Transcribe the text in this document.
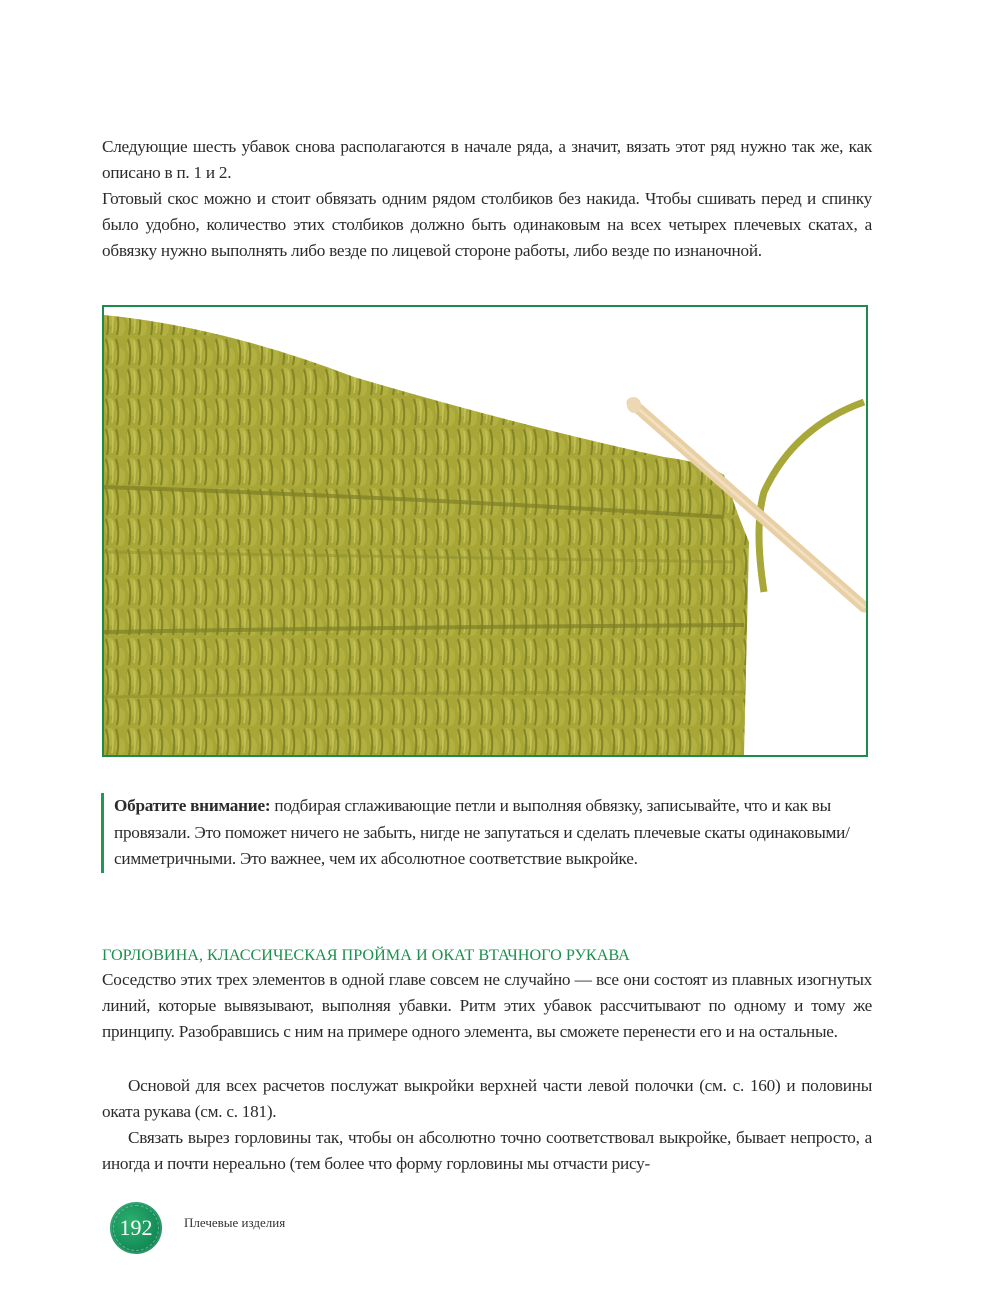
Следующие шесть убавок снова располагаются в начале ряда, а значит, вязать этот ряд нужно так же, как описано в п. 1 и 2.

Готовый скос можно и стоит обвязать одним рядом столбиков без накида. Чтобы сшивать перед и спинку было удобно, количество этих столбиков должно быть одинаковым на всех четырех плечевых скатах, а обвязку нужно выполнять либо везде по лицевой стороне работы, либо везде по изнаночной.

Обратите внимание: подбирая сглаживающие петли и выполняя обвязку, записывайте, что и как вы провязали. Это поможет ничего не забыть, нигде не запутаться и сделать плечевые скаты одинаковыми/симметричными. Это важнее, чем их абсолютное соответствие выкройке.
ГОРЛОВИНА, КЛАССИЧЕСКАЯ ПРОЙМА И ОКАТ ВТАЧНОГО РУКАВА

Соседство этих трех элементов в одной главе совсем не случайно — все они состоят из плавных изогнутых линий, которые вывязывают, выполняя убавки. Ритм этих убавок рассчитывают по одному и тому же принципу. Разобравшись с ним на примере одного элемента, вы сможете перенести его и на остальные.

Основой для всех расчетов послужат выкройки верхней части левой полочки (см. с. 160) и половины оката рукава (см. с. 181).

Связать вырез горловины так, чтобы он абсолютно точно соответствовал выкройке, бывает непросто, а иногда и почти нереально (тем более что форму горловины мы отчасти рису-

192 Плечевые изделия
